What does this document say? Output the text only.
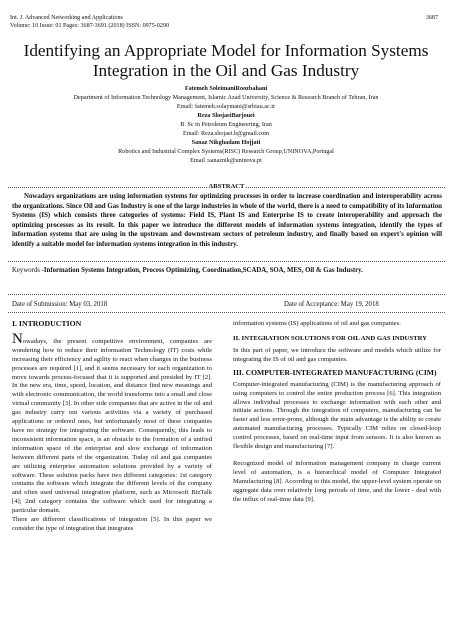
Int. J. Advanced Networking and Applications
Volume: 10 Issue: 01 Pages: 3687-3691 (2018) ISSN: 0975-0290
3687
Identifying an Appropriate Model for Information Systems Integration in the Oil and Gas Industry
Fatemeh SoleimaniRoozbahani
Department of Information Technology Management, Islamic Azad University, Science & Research Branch of Tehran, Iran
Email: fatemeh.solaymani@srbiau.ac.ir
Reza ShojaeiBarjouei
B. Sc in Petroleum Engineering, Iran
Email: Reza.shojaei.b@gmail.com
Sanaz Nikghadam Hojjati
Robotics and Industrial Complex Systems(RISC) Research Group,UNINOVA,Portugal
Email :sanaznik@uninova.pt
ABSTRACT
Nowadays organizations are using information systems for optimizing processes in order to increase coordination and interoperability across the organizations. Since Oil and Gas Industry is one of the large industries in whole of the world, there is a need to compatibility of its Information Systems (IS) which consists three categories of systems: Field IS, Plant IS and Enterprise IS to create interoperability and approach the optimizing processes as its result. In this paper we introduce the different models of information systems integration, identify the types of information systems that are using in the upstream and downstream sectors of petroleum industry, and finally based on expert's opinion will identify a suitable model for information systems integration in this industry.
Keywords -Information Systems Integration, Process Optimizing, Coordination,SCADA, SOA, MES, Oil & Gas Industry.
Date of Submission: May 03, 2018	Date of Acceptance: May 19, 2018
I. INTRODUCTION

Nowadays, the present competitive environment, companies are wondering how to reduce their information Technology (IT) costs while increasing their efficiency and agility to react when changes in the business processes are required [1], and it seems necessary for each organization to move towards process-focused that it is supported and presided by IT [2]. In the new era, time, speed, location, and distance find new meanings and with electronic communication, the world transforms into a small and close virtual community [3]. In other side companies that are active in the oil and gas industry carry out various activities via a variety of purchased applications or ordered ones, but unfortunately most of these companies have no strategy for integrating the software. Consequently, this leads to inconsistent information space, is an obstacle to the formation of a unified information space of the enterprise and slow exchange of information between different parts of the organization. Today oil and gas companies are utilizing enterprise automation solutions provided by a variety of software. These solution packs have two different categories: 1st category contains the software which integrate the different levels of the company and often used universal integration platform, such as Microsoft BizTalk [4]; 2nd category contains the software which used for integrating a particular domain.

There are different classifications of integration [5]. In this paper we consider the type of integration that integrates

information systems (IS) applications of oil and gas companies.

II. INTEGRATION SOLUTIONS FOR OIL AND GAS INDUSTRY

In this part of paper, we introduce the software and models which utilize for integrating the IS of oil and gas companies.

III. COMPUTER-INTEGRATED MANUFACTURING (CIM)

Computer-integrated manufacturing (CIM) is the manufacturing approach of using computers to control the entire production process [6]. This integration allows individual processes to exchange information with each other and initiate actions. Through the integration of computers, manufacturing can be faster and less error-prone, although the main advantage is the ability to create automated manufacturing processes. Typically CIM relies on closed-loop control processes, based on real-time input from sensors. It is also known as flexible design and manufacturing [7].

Recognized model of information management company in charge current level of automation, is a hierarchical model of Computer Integrated Manufacturing [8]. According to this model, the upper-level system operate on aggregate data over relatively long periods of time, and the lower - deal with the influx of real-time data [9].
